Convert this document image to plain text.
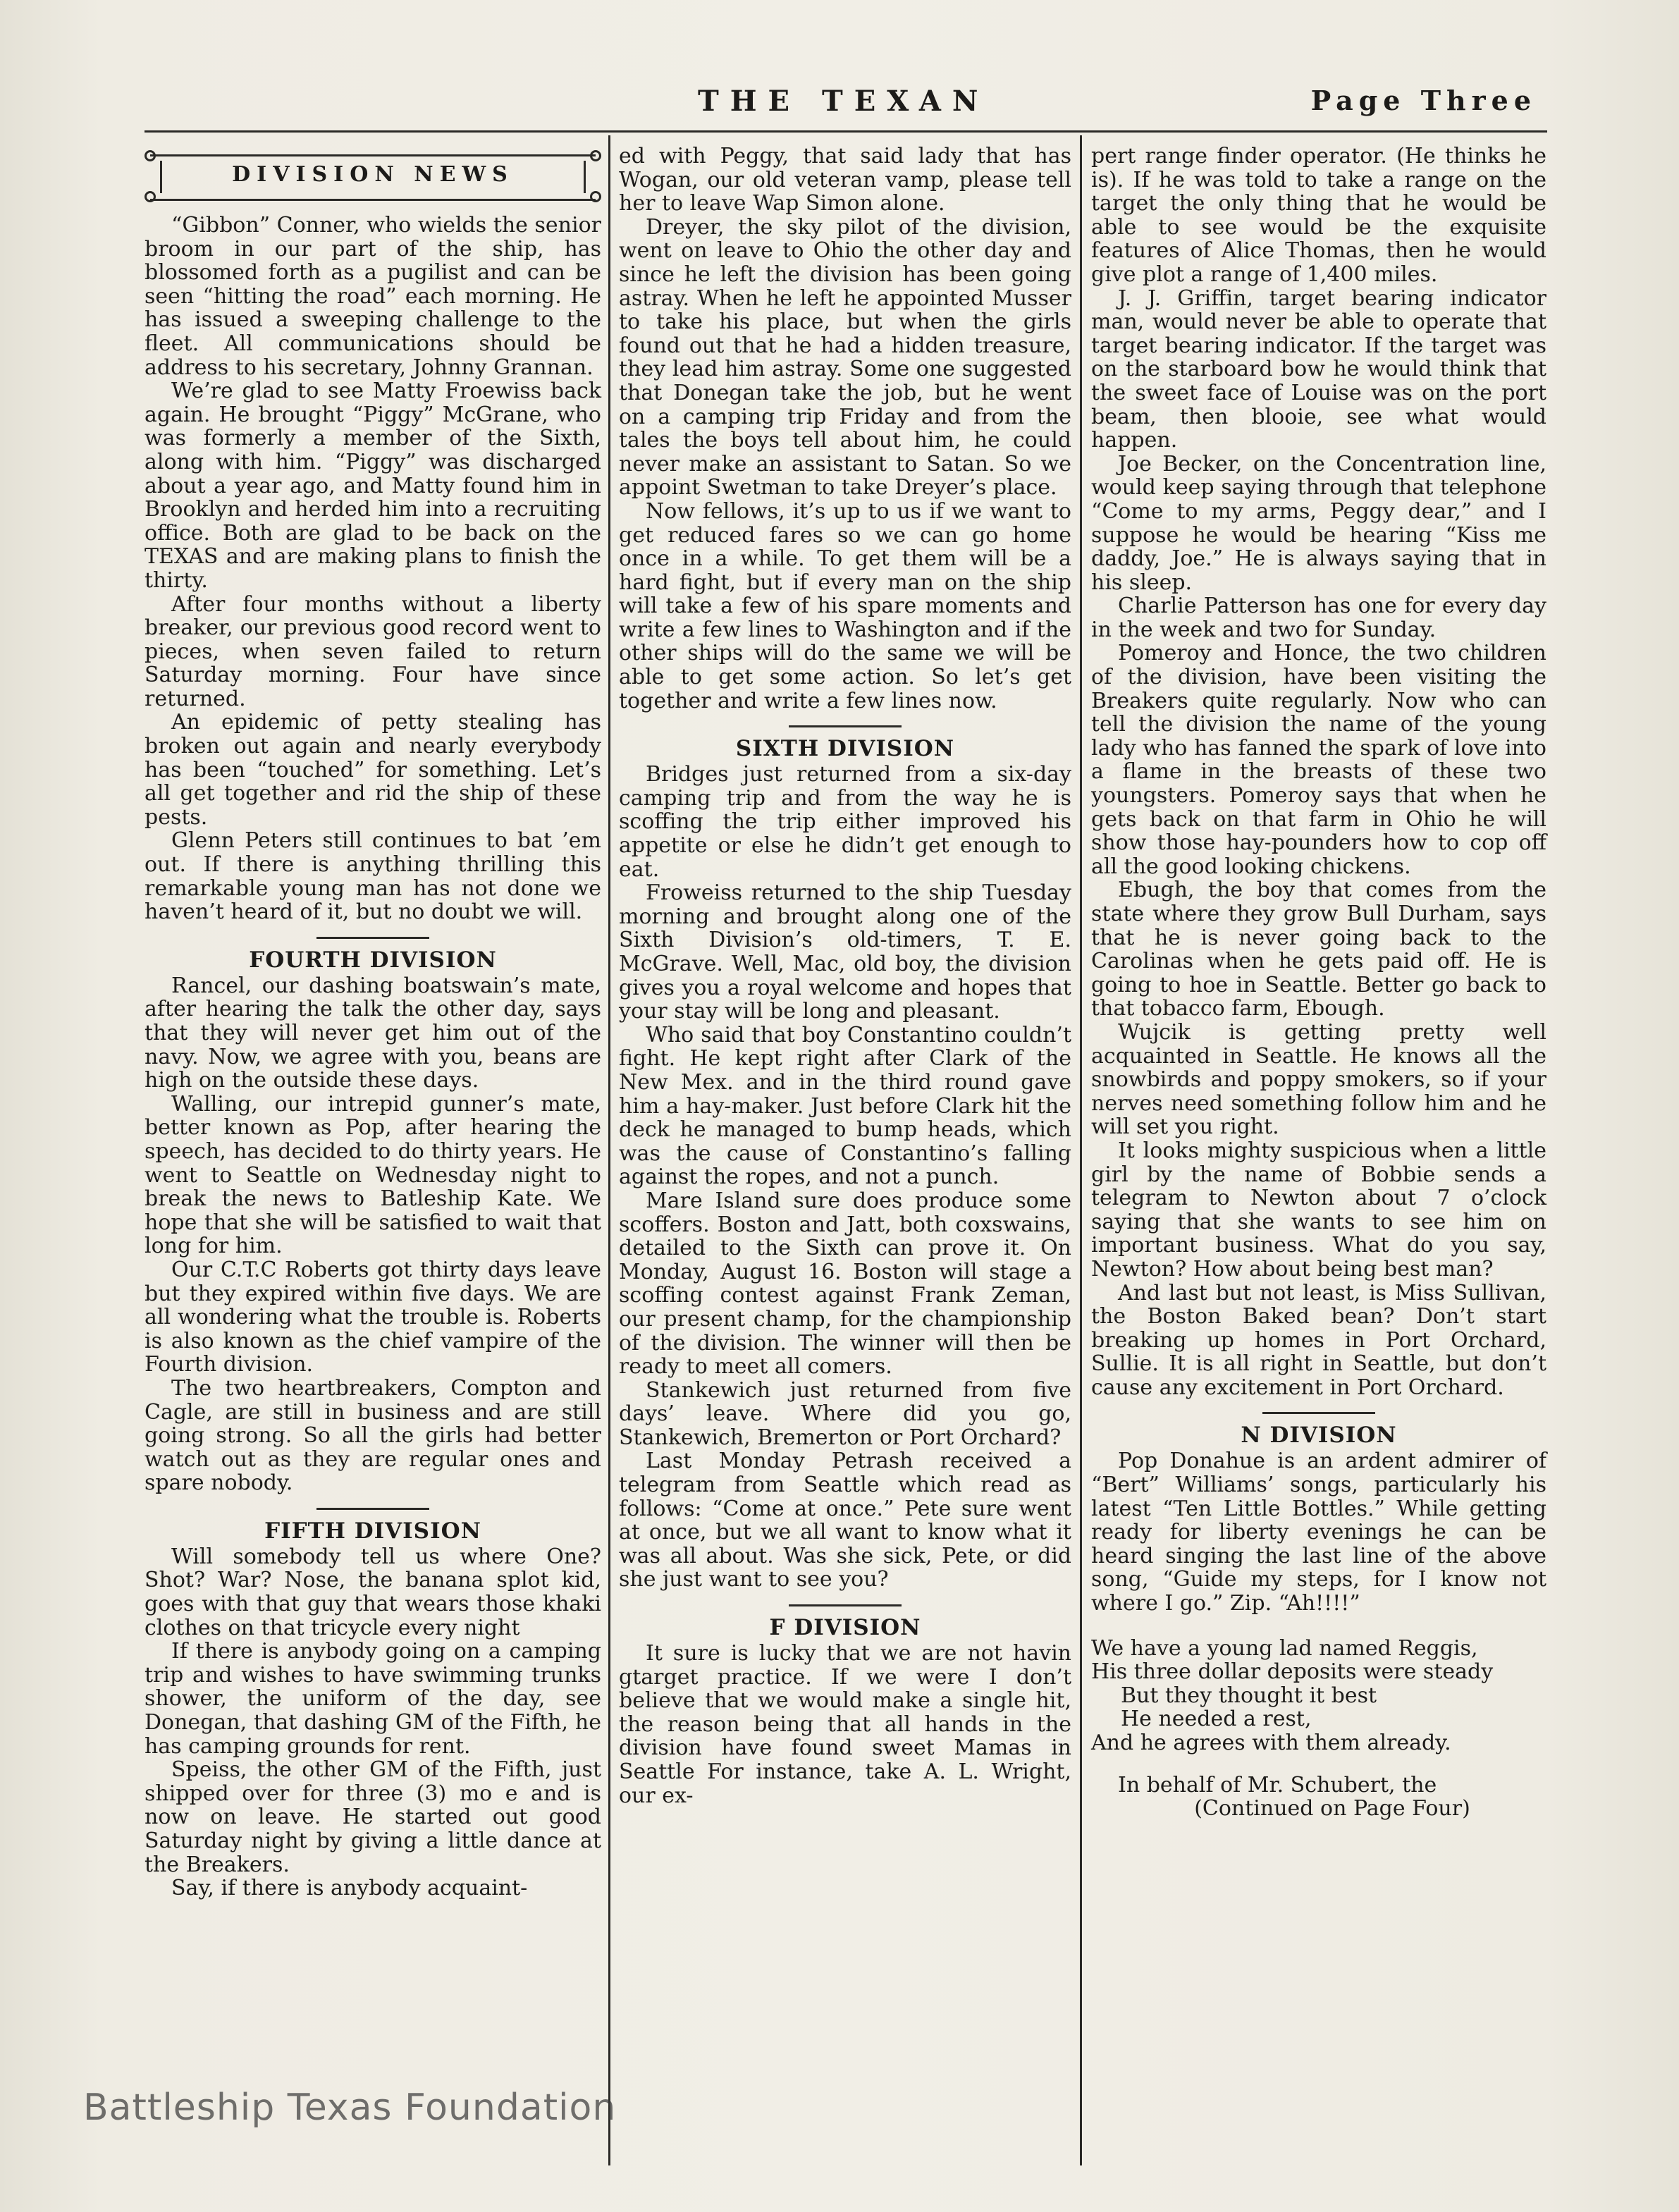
THE TEXAN	Page Three
DIVISION NEWS

“Gibbon” Conner, who wields the senior broom in our part of the ship, has blossomed forth as a pugilist and can be seen “hitting the road” each morning. He has issued a sweeping challenge to the fleet. All communications should be address to his secretary, Johnny Grannan.

We’re glad to see Matty Froewiss back again. He brought “Piggy” McGrane, who was formerly a member of the Sixth, along with him. “Piggy” was discharged about a year ago, and Matty found him in Brooklyn and herded him into a recruiting office. Both are glad to be back on the TEXAS and are making plans to finish the thirty.

After four months without a liberty breaker, our previous good record went to pieces, when seven failed to return Saturday morning. Four have since returned.

An epidemic of petty stealing has broken out again and nearly everybody has been “touched” for something. Let’s all get together and rid the ship of these pests.

Glenn Peters still continues to bat ’em out. If there is anything thrilling this remarkable young man has not done we haven’t heard of it, but no doubt we will.

FOURTH DIVISION

Rancel, our dashing boatswain’s mate, after hearing the talk the other day, says that they will never get him out of the navy. Now, we agree with you, beans are high on the outside these days.

Walling, our intrepid gunner’s mate, better known as Pop, after hearing the speech, has decided to do thirty years. He went to Seattle on Wednesday night to break the news to Batleship Kate. We hope that she will be satisfied to wait that long for him.

Our C.T.C Roberts got thirty days leave but they expired within five days. We are all wondering what the trouble is. Roberts is also known as the chief vampire of the Fourth division.

The two heartbreakers, Compton and Cagle, are still in business and are still going strong. So all the girls had better watch out as they are regular ones and spare nobody.

FIFTH DIVISION

Will somebody tell us where One? Shot? War? Nose, the banana splot kid, goes with that guy that wears those khaki clothes on that tricycle every night

If there is anybody going on a camping trip and wishes to have swimming trunks shower, the uniform of the day, see Donegan, that dashing GM of the Fifth, he has camping grounds for rent.

Speiss, the other GM of the Fifth, just shipped over for three (3) mo e and is now on leave. He started out good Saturday night by giving a little dance at the Breakers.

Say, if there is anybody acquaint-

ed with Peggy, that said lady that has Wogan, our old veteran vamp, please tell her to leave Wap Simon alone.

Dreyer, the sky pilot of the division, went on leave to Ohio the other day and since he left the division has been going astray. When he left he appointed Musser to take his place, but when the girls found out that he had a hidden treasure, they lead him astray. Some one suggested that Donegan take the job, but he went on a camping trip Friday and from the tales the boys tell about him, he could never make an assistant to Satan. So we appoint Swetman to take Dreyer’s place.

Now fellows, it’s up to us if we want to get reduced fares so we can go home once in a while. To get them will be a hard fight, but if every man on the ship will take a few of his spare moments and write a few lines to Washington and if the other ships will do the same we will be able to get some action. So let’s get together and write a few lines now.

SIXTH DIVISION

Bridges just returned from a six-day camping trip and from the way he is scoffing the trip either improved his appetite or else he didn’t get enough to eat.

Froweiss returned to the ship Tuesday morning and brought along one of the Sixth Division’s old-timers, T. E. McGrave. Well, Mac, old boy, the division gives you a royal welcome and hopes that your stay will be long and pleasant.

Who said that boy Constantino couldn’t fight. He kept right after Clark of the New Mex. and in the third round gave him a hay-maker. Just before Clark hit the deck he managed to bump heads, which was the cause of Constantino’s falling against the ropes, and not a punch.

Mare Island sure does produce some scoffers. Boston and Jatt, both coxswains, detailed to the Sixth can prove it. On Monday, August 16. Boston will stage a scoffing contest against Frank Zeman, our present champ, for the championship of the division. The winner will then be ready to meet all comers.

Stankewich just returned from five days’ leave. Where did you go, Stankewich, Bremerton or Port Orchard?

Last Monday Petrash received a telegram from Seattle which read as follows: “Come at once.” Pete sure went at once, but we all want to know what it was all about. Was she sick, Pete, or did she just want to see you?

F DIVISION

It sure is lucky that we are not havin gtarget practice. If we were I don’t believe that we would make a single hit, the reason being that all hands in the division have found sweet Mamas in Seattle For instance, take A. L. Wright, our ex-

pert range finder operator. (He thinks he is). If he was told to take a range on the target the only thing that he would be able to see would be the exquisite features of Alice Thomas, then he would give plot a range of 1,400 miles.

J. J. Griffin, target bearing indicator man, would never be able to operate that target bearing indicator. If the target was on the starboard bow he would think that the sweet face of Louise was on the port beam, then blooie, see what would happen.

Joe Becker, on the Concentration line, would keep saying through that telephone “Come to my arms, Peggy dear,” and I suppose he would be hearing “Kiss me daddy, Joe.” He is always saying that in his sleep.

Charlie Patterson has one for every day in the week and two for Sunday.

Pomeroy and Honce, the two children of the division, have been visiting the Breakers quite regularly. Now who can tell the division the name of the young lady who has fanned the spark of love into a flame in the breasts of these two youngsters. Pomeroy says that when he gets back on that farm in Ohio he will show those hay-pounders how to cop off all the good looking chickens.

Ebugh, the boy that comes from the state where they grow Bull Durham, says that he is never going back to the Carolinas when he gets paid off. He is going to hoe in Seattle. Better go back to that tobacco farm, Ebough.

Wujcik is getting pretty well acquainted in Seattle. He knows all the snowbirds and poppy smokers, so if your nerves need something follow him and he will set you right.

It looks mighty suspicious when a little girl by the name of Bobbie sends a telegram to Newton about 7 o’clock saying that she wants to see him on important business. What do you say, Newton? How about being best man?

And last but not least, is Miss Sullivan, the Boston Baked bean? Don’t start breaking up homes in Port Orchard, Sullie. It is all right in Seattle, but don’t cause any excitement in Port Orchard.

N DIVISION

Pop Donahue is an ardent admirer of “Bert” Williams’ songs, particularly his latest “Ten Little Bottles.” While getting ready for liberty evenings he can be heard singing the last line of the above song, “Guide my steps, for I know not where I go.” Zip. “Ah!!!!”

We have a young lad named Reggis,

His three dollar deposits were steady

But they thought it best

He needed a rest,

And he agrees with them already.

In behalf of Mr. Schubert, the

(Continued on Page Four)

Battleship Texas Foundation
